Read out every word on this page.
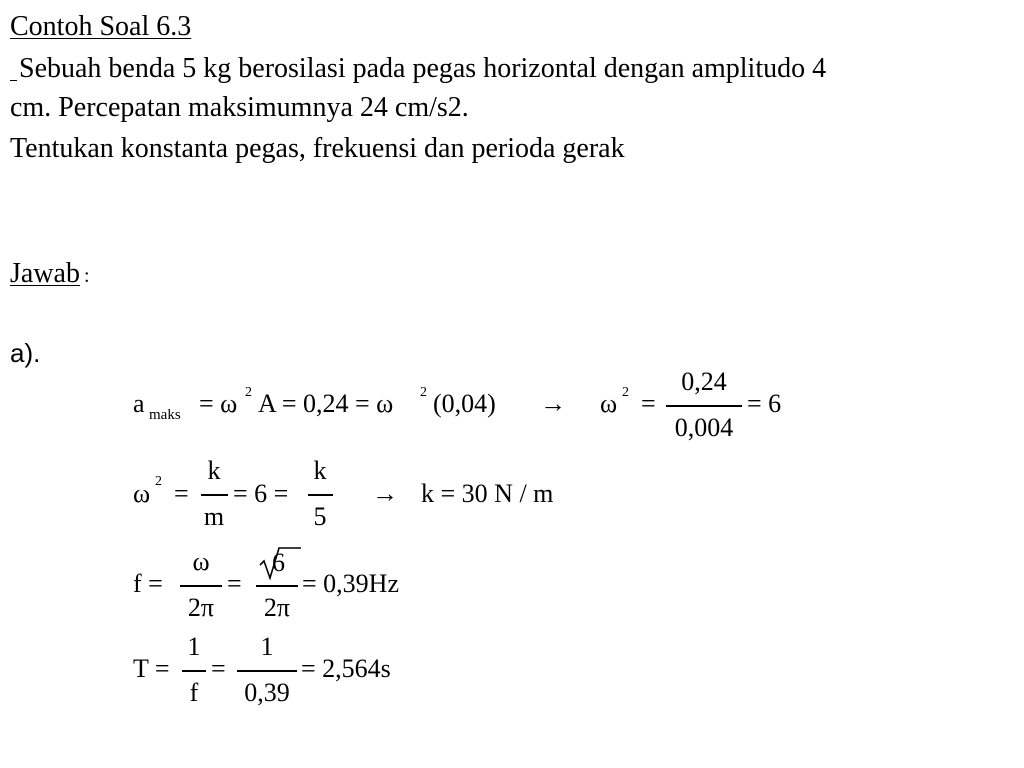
Contoh Soal 6.3
Sebuah benda 5 kg berosilasi pada pegas horizontal dengan amplitudo 4
cm. Percepatan maksimumnya 24 cm/s2.
Tentukan konstanta pegas, frekuensi dan perioda gerak
Jawab :
a).
a maks = ω 2 A = 0,24 = ω 2 (0,04) → ω 2 =
0,24
0,004
= 6
ω 2 =
k
m
= 6 =
k
5
→ k = 30 N / m
f =
ω
2π
=
6
2π
= 0,39Hz
T =
1
f
=
1
0,39
= 2,564s
